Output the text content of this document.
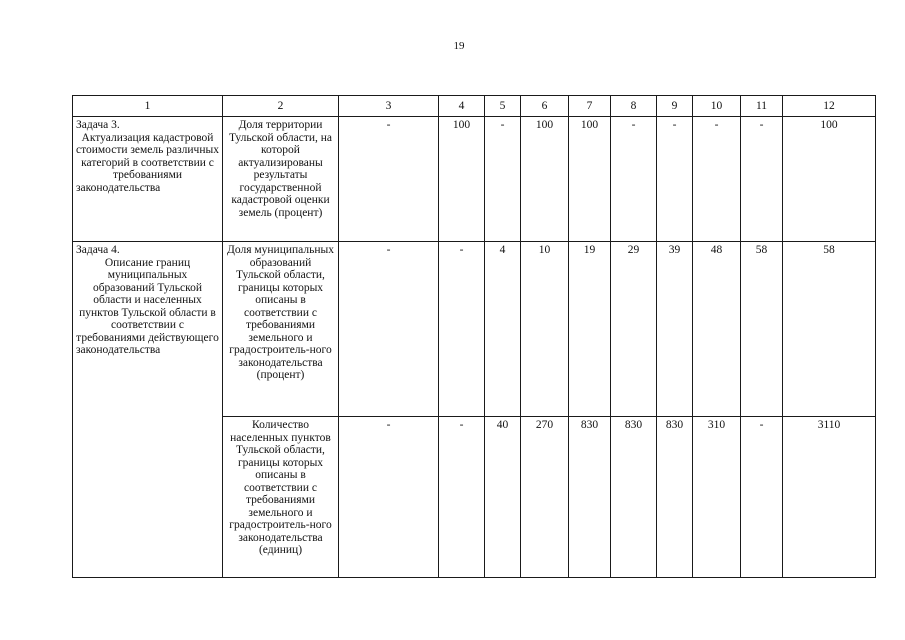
19
1	2	3	4	5	6	7	8	9	10	11	12

Задача 3.
Актуализация кадастровой стоимости земель различных категорий в соответствии с требованиями законодательства	Доля территории Тульской области, на которой актуализированы результаты государственной кадастровой оценки земель (процент)	-	100	-	100	100	-	-	-	-	100

Задача 4.
Описание границ муниципальных образований Тульской области и населенных пунктов Тульской области в соответствии с требованиями действующего законодательства	Доля муниципальных образований Тульской области, границы которых описаны в соответствии с требованиями земельного и градостроитель-ного законодательства (процент)	-	-	4	10	19	29	39	48	58	58
	Количество населенных пунктов Тульской области, границы которых описаны в соответствии с требованиями земельного и градостроитель-ного законодательства (единиц)	-	-	40	270	830	830	830	310	-	3110
